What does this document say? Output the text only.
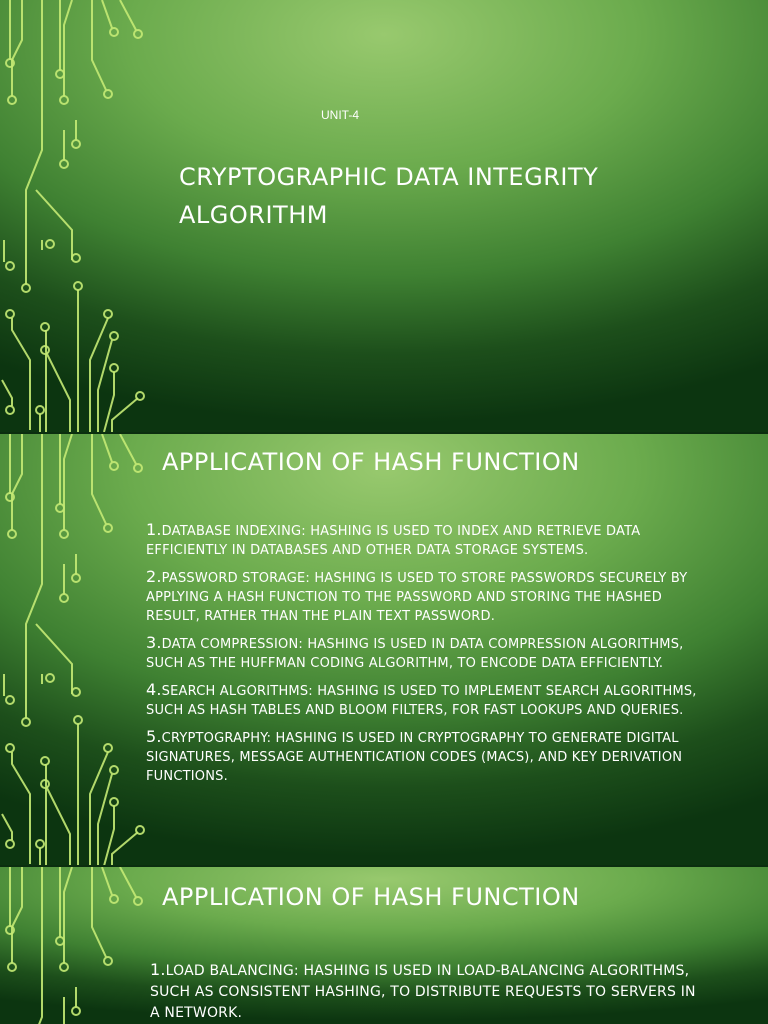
UNIT-4
CRYPTOGRAPHIC DATA INTEGRITY ALGORITHM
APPLICATION OF HASH FUNCTION
1.DATABASE INDEXING: HASHING IS USED TO INDEX AND RETRIEVE DATA EFFICIENTLY IN DATABASES AND OTHER DATA STORAGE SYSTEMS.
2.PASSWORD STORAGE: HASHING IS USED TO STORE PASSWORDS SECURELY BY APPLYING A HASH FUNCTION TO THE PASSWORD AND STORING THE HASHED RESULT, RATHER THAN THE PLAIN TEXT PASSWORD.
3.DATA COMPRESSION: HASHING IS USED IN DATA COMPRESSION ALGORITHMS, SUCH AS THE HUFFMAN CODING ALGORITHM, TO ENCODE DATA EFFICIENTLY.
4.SEARCH ALGORITHMS: HASHING IS USED TO IMPLEMENT SEARCH ALGORITHMS, SUCH AS HASH TABLES AND BLOOM FILTERS, FOR FAST LOOKUPS AND QUERIES.
5.CRYPTOGRAPHY: HASHING IS USED IN CRYPTOGRAPHY TO GENERATE DIGITAL SIGNATURES, MESSAGE AUTHENTICATION CODES (MACS), AND KEY DERIVATION FUNCTIONS.
APPLICATION OF HASH FUNCTION
1.LOAD BALANCING: HASHING IS USED IN LOAD-BALANCING ALGORITHMS, SUCH AS CONSISTENT HASHING, TO DISTRIBUTE REQUESTS TO SERVERS IN A NETWORK.
